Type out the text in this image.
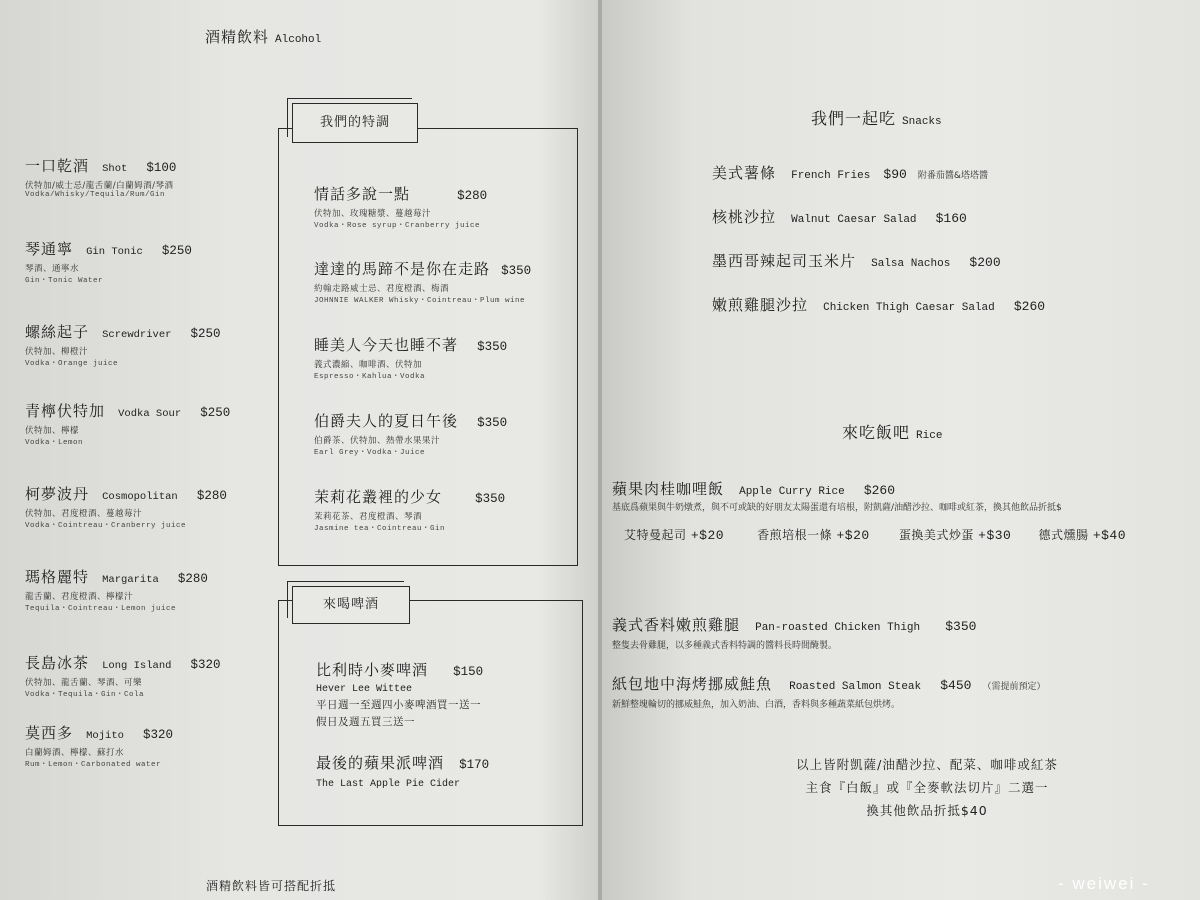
酒精飲料 Alcohol
一口乾酒 Shot $100
伏特加/威士忌/龍舌蘭/白蘭姆酒/琴酒
Vodka/Whisky/Tequila/Rum/Gin
琴通寧 Gin Tonic $250
琴酒、通寧水
Gin・Tonic Water
螺絲起子 Screwdriver $250
伏特加、柳橙汁
Vodka・Orange juice
青檸伏特加 Vodka Sour $250
伏特加、檸檬
Vodka・Lemon
柯夢波丹 Cosmopolitan $280
伏特加、君度橙酒、蔓越莓汁
Vodka・Cointreau・Cranberry juice
瑪格麗特 Margarita $280
龍舌蘭、君度橙酒、檸檬汁
Tequila・Cointreau・Lemon juice
長島冰茶 Long Island $320
伏特加、龍舌蘭、琴酒、可樂
Vodka・Tequila・Gin・Cola
莫西多 Mojito $320
白蘭姆酒、檸檬、蘇打水
Rum・Lemon・Carbonated water
我們的特調
情話多說一點	$280
伏特加、玫瑰糖漿、蔓越莓汁
Vodka・Rose syrup・Cranberry juice
達達的馬蹄不是你在走路 $350
約翰走路威士忌、君度橙酒、梅酒
JOHNNIE WALKER Whisky・Cointreau・Plum wine
睡美人今天也睡不著 $350
義式濃縮、咖啡酒、伏特加
Espresso・Kahlua・Vodka
伯爵夫人的夏日午後 $350
伯爵茶、伏特加、熱帶水果果汁
Earl Grey・Vodka・Juice
茉莉花叢裡的少女	$350
茉莉花茶、君度橙酒、琴酒
Jasmine tea・Cointreau・Gin
來喝啤酒
比利時小麥啤酒 $150
Hever Lee Wittee
平日週一至週四小麥啤酒買一送一
假日及週五買三送一
最後的蘋果派啤酒 $170
The Last Apple Pie Cider
酒精飲料皆可搭配折抵
我們一起吃 Snacks
美式薯條 French Fries $90 附番茄醬&塔塔醬
核桃沙拉 Walnut Caesar Salad $160
墨西哥辣起司玉米片 Salsa Nachos $200
嫩煎雞腿沙拉 Chicken Thigh Caesar Salad $260
來吃飯吧 Rice
蘋果肉桂咖哩飯 Apple Curry Rice $260
基底爲蘋果與牛奶燉煮，與不可或缺的好朋友太陽蛋還有培根，附凱薩/油醋沙拉、咖啡或紅茶，換其他飲品折抵$
艾特曼起司 +$20	香煎培根一條 +$20 蛋換美式炒蛋 +$30 德式燻腸 +$40
義式香料嫩煎雞腿 Pan-roasted Chicken Thigh $350
整隻去骨雞腿，以多種義式香料特調的醬料長時間醃製。
紙包地中海烤挪威鮭魚 Roasted Salmon Steak $450 （需提前預定）
新鮮整塊輪切的挪威鮭魚，加入奶油、白酒，香料與多種蔬菜紙包烘烤。
以上皆附凱薩/油醋沙拉、配菜、咖啡或紅茶
主食『白飯』或『全麥軟法切片』二選一
換其他飲品折抵$40
- weiwei -
